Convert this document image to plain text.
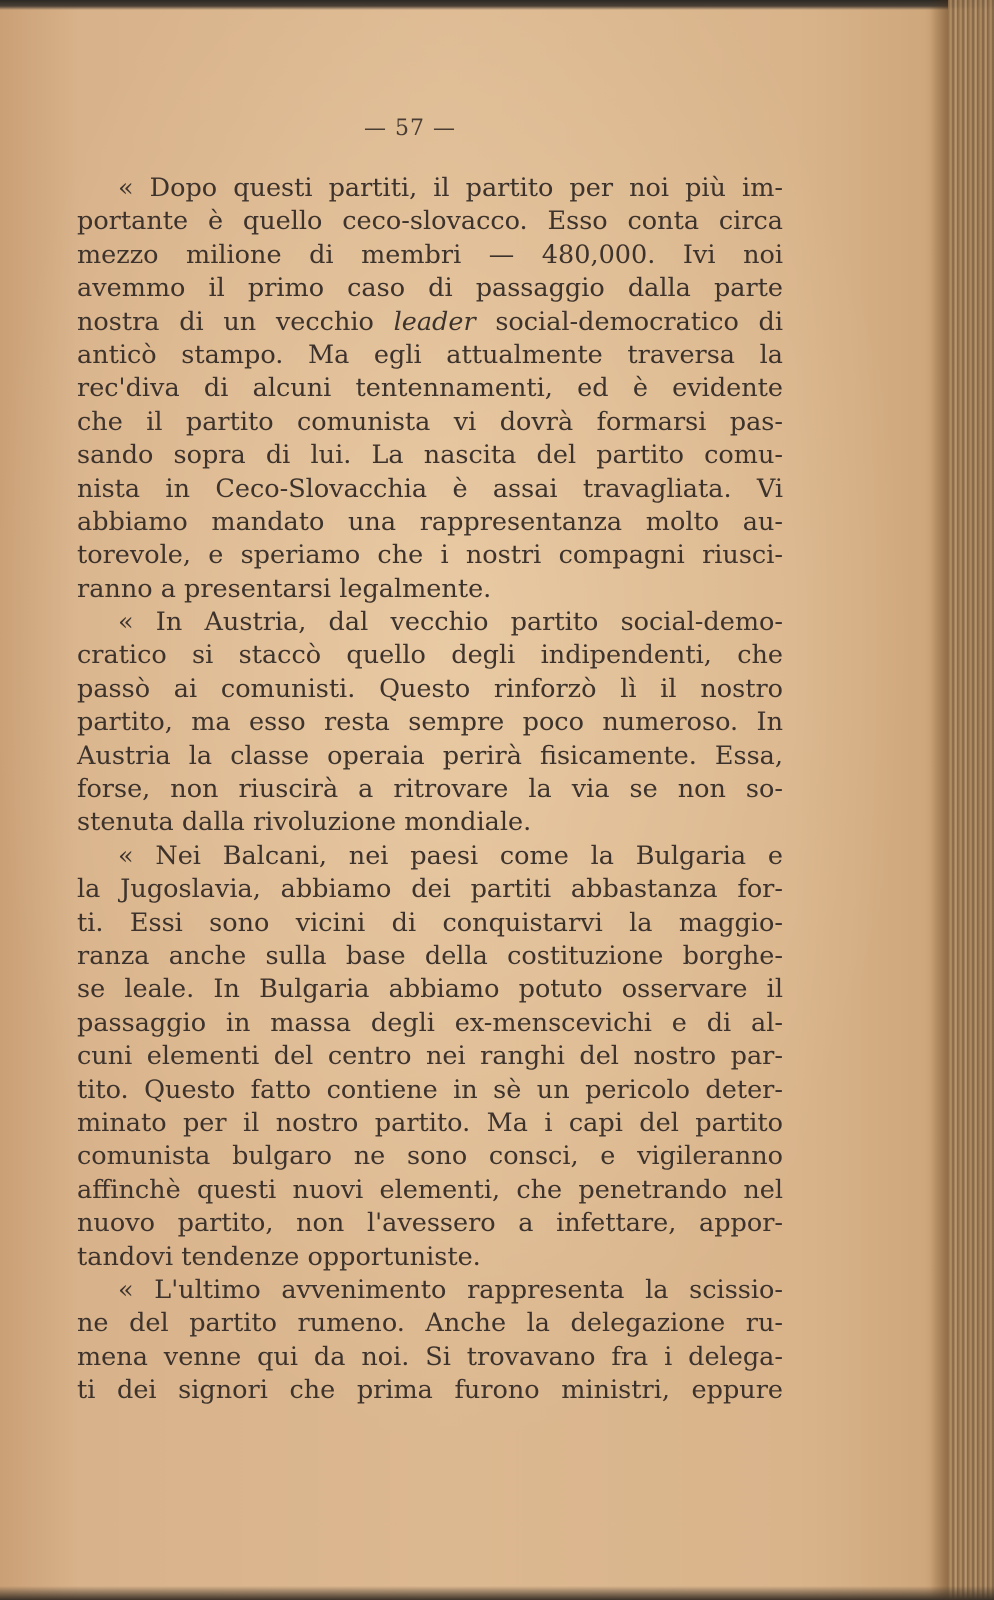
— 57 —
« Dopo questi partiti, il partito per noi più im-
portante è quello ceco-slovacco. Esso conta circa
mezzo milione di membri — 480,000. Ivi noi
avemmo il primo caso di passaggio dalla parte
nostra di un vecchio leader social-democratico di
anticò stampo. Ma egli attualmente traversa la
rec'diva di alcuni tentennamenti, ed è evidente
che il partito comunista vi dovrà formarsi pas-
sando sopra di lui. La nascita del partito comu-
nista in Ceco-Slovacchia è assai travagliata. Vi
abbiamo mandato una rappresentanza molto au-
torevole, e speriamo che i nostri compagni riusci-
ranno a presentarsi legalmente.
« In Austria, dal vecchio partito social-demo-
cratico si staccò quello degli indipendenti, che
passò ai comunisti. Questo rinforzò lì il nostro
partito, ma esso resta sempre poco numeroso. In
Austria la classe operaia perirà fisicamente. Essa,
forse, non riuscirà a ritrovare la via se non so-
stenuta dalla rivoluzione mondiale.
« Nei Balcani, nei paesi come la Bulgaria e
la Jugoslavia, abbiamo dei partiti abbastanza for-
ti. Essi sono vicini di conquistarvi la maggio-
ranza anche sulla base della costituzione borghe-
se leale. In Bulgaria abbiamo potuto osservare il
passaggio in massa degli ex-menscevichi e di al-
cuni elementi del centro nei ranghi del nostro par-
tito. Questo fatto contiene in sè un pericolo deter-
minato per il nostro partito. Ma i capi del partito
comunista bulgaro ne sono consci, e vigileranno
affinchè questi nuovi elementi, che penetrando nel
nuovo partito, non l'avessero a infettare, appor-
tandovi tendenze opportuniste.
« L'ultimo avvenimento rappresenta la scissio-
ne del partito rumeno. Anche la delegazione ru-
mena venne qui da noi. Si trovavano fra i delega-
ti dei signori che prima furono ministri, eppure
